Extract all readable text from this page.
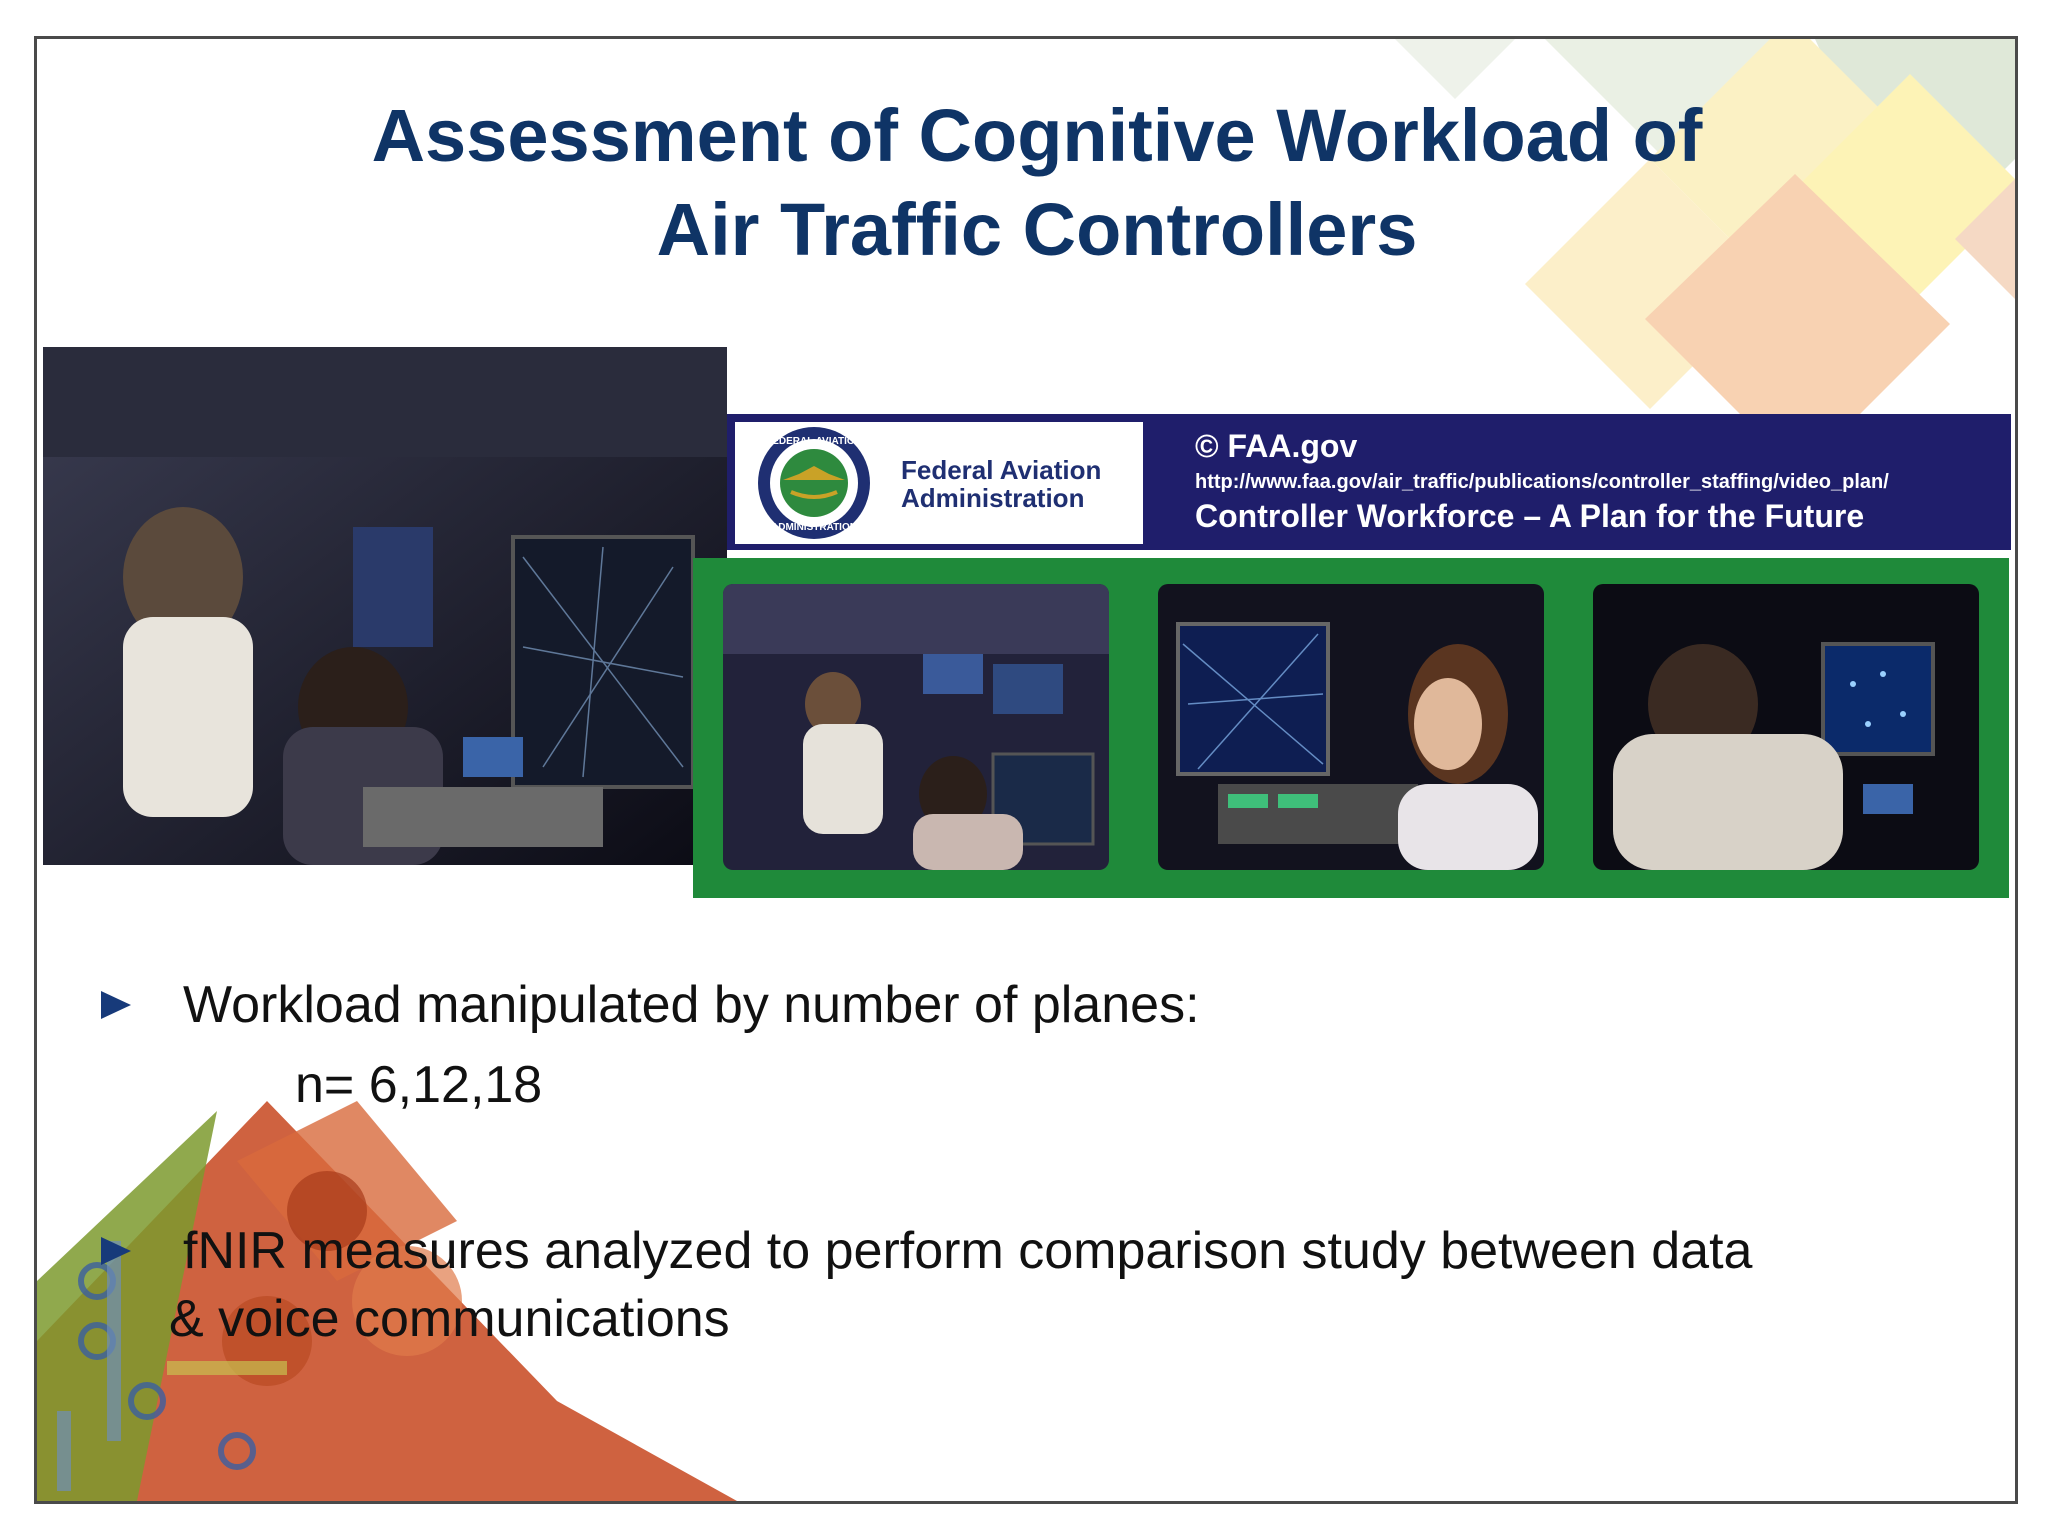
Assessment of Cognitive Workload of
Air Traffic Controllers
FEDERAL AVIATION
ADMINISTRATION
Federal Aviation
Administration
© FAA.gov
http://www.faa.gov/air_traffic/publications/controller_staffing/video_plan/
Controller Workforce – A Plan for the Future
Workload manipulated by number of planes:
n= 6,12,18
fNIR measures analyzed to perform comparison study between data
& voice communications
